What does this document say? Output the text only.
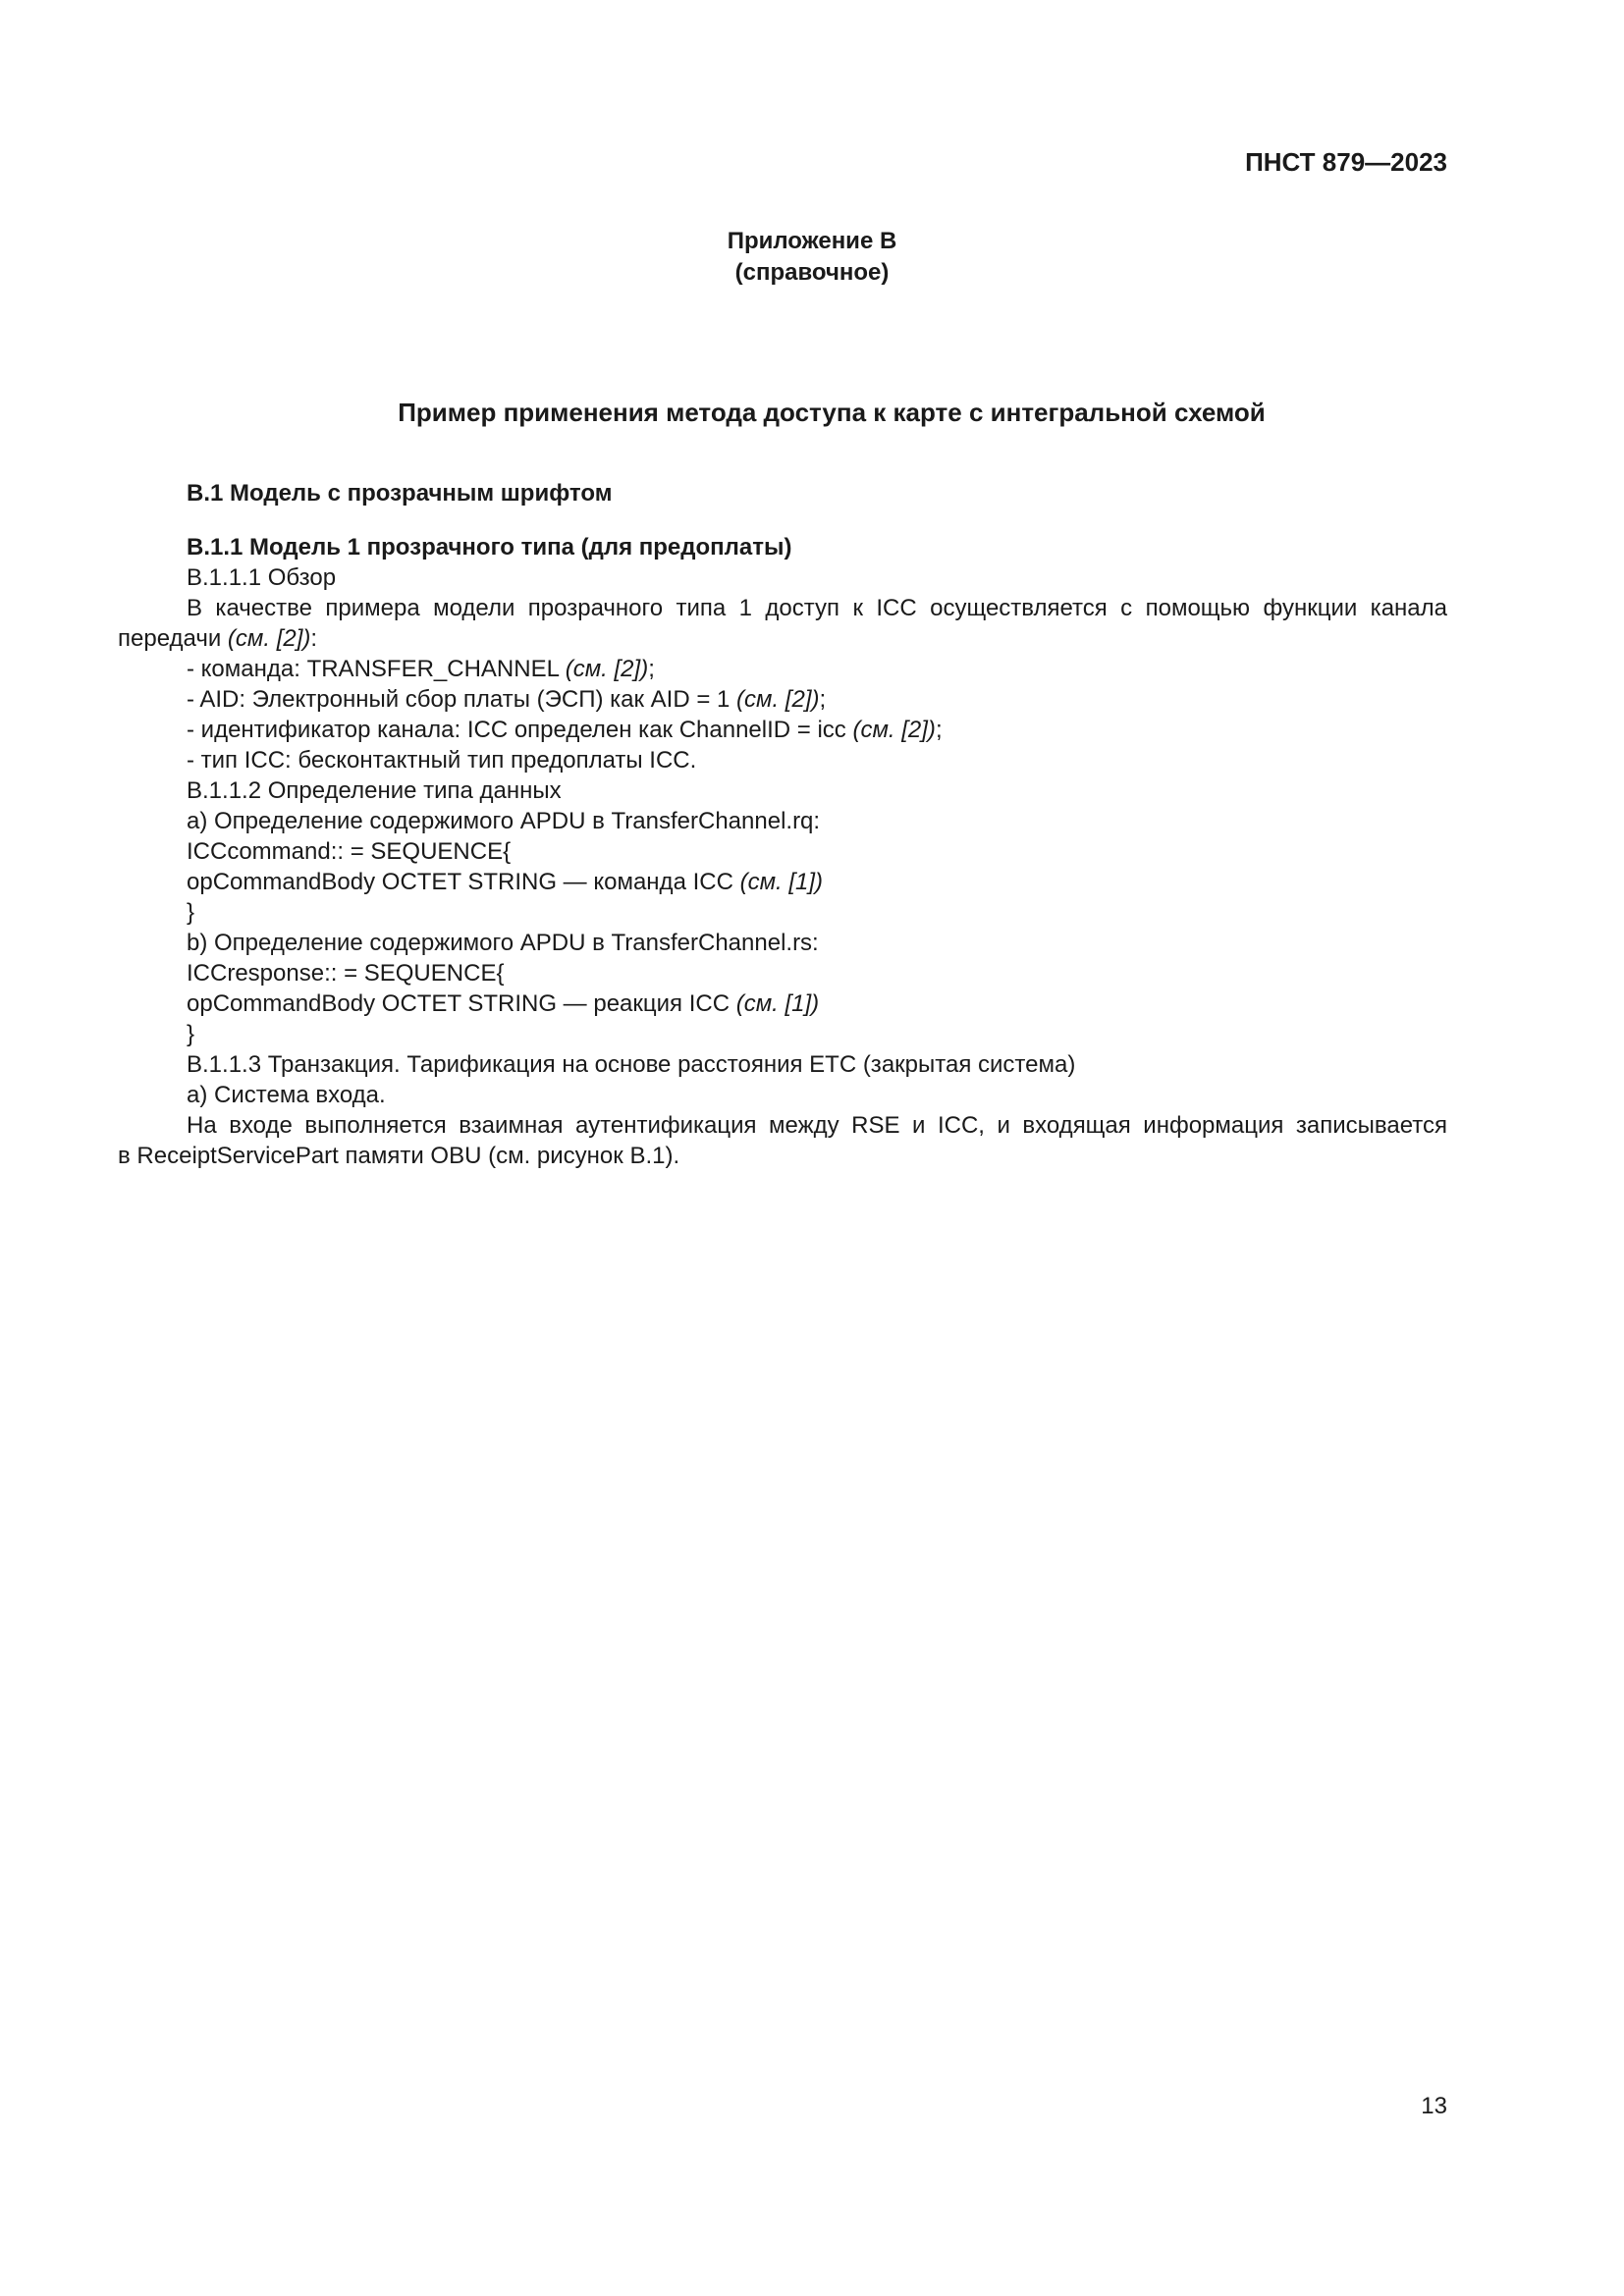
ПНСТ 879—2023
Приложение В
(справочное)
Пример применения метода доступа к карте с интегральной схемой
В.1 Модель с прозрачным шрифтом
В.1.1 Модель 1 прозрачного типа (для предоплаты)
В.1.1.1 Обзор
В качестве примера модели прозрачного типа 1 доступ к ICC осуществляется с помощью функции канала
передачи (см. [2]):
- команда: TRANSFER_CHANNEL (см. [2]);
- AID: Электронный сбор платы (ЭСП) как AID = 1 (см. [2]);
- идентификатор канала: ICC определен как ChannelID = icc (см. [2]);
- тип ICC: бесконтактный тип предоплаты ICC.
В.1.1.2 Определение типа данных
a) Определение содержимого APDU в TransferChannel.rq:
ICCcommand:: = SEQUENCE{
opCommandBody OCTET STRING — команда ICC (см. [1])
}
b) Определение содержимого APDU в TransferChannel.rs:
ICCresponse:: = SEQUENCE{
opCommandBody OCTET STRING — реакция ICC (см. [1])
}
В.1.1.3 Транзакция. Тарификация на основе расстояния ЕТС (закрытая система)
а) Система входа.
На входе выполняется взаимная аутентификация между RSE и ICC, и входящая информация записывается
в ReceiptServicePart памяти OBU (см. рисунок В.1).
13
